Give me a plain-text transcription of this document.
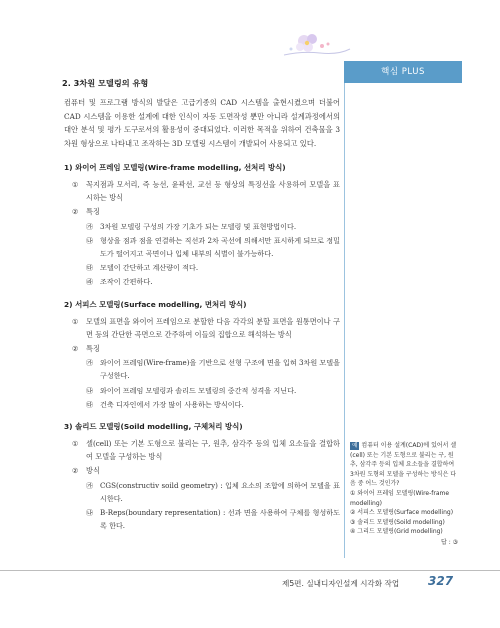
핵심 PLUS
2. 3차원 모델링의 유형
컴퓨터 및 프로그램 방식의 발달은 고급기종의 CAD 시스템을 출현시켰으며 더불어 CAD 시스템을 이용한 설계에 대한 인식이 자동 도면작성 뿐만 아니라 설계과정에서의 대안 분석 및 평가 도구로서의 활용성이 중대되었다. 이러한 목적을 위하여 건축물을 3차원 형상으로 나타내고 조작하는 3D 모델링 시스템이 개발되어 사용되고 있다.
1) 와이어 프레임 모델링(Wire-frame modelling, 선처리 방식)
①	꼭지점과 모서리, 즉 능선, 윤곽선, 교선 등 형상의 특징선을 사용하여 모델을 표시하는 방식
②	특징
㉮ 3차원 모델링 구성의 가장 기초가 되는 모델링 및 표현방법이다.
㉯ 형상을 점과 점을 연결하는 직선과 2차 곡선에 의해서만 표시하게 되므로 정밀도가 떨어지고 곡면이나 입체 내부의 식별이 불가능하다.
㉰ 모델이 간단하고 계산량이 적다.
㉱ 조작이 간편하다.
2) 서피스 모델링(Surface modelling, 면처리 방식)
①	모델의 표면을 와이어 프레임으로 분할한 다음 각각의 분할 표면을 원통면이나 구면 등의 간단한 곡면으로 간주하여 이들의 집합으로 해석하는 방식
②	특징
㉮ 와이어 프레임(Wire-frame)을 기반으로 선형 구조에 면을 입혀 3차원 모델을 구성한다.
㉯ 와이어 프레임 모델링과 솔리드 모델링의 중간적 성격을 지닌다.
㉰ 건축 디자인에서 가장 많이 사용하는 방식이다.
3) 솔리드 모델링(Soild modelling, 구체처리 방식)
①	셀(cell) 또는 기본 도형으로 불리는 구, 원추, 삼각주 등의 입체 요소들을 결합하여 모델을 구성하는 방식
②	방식
㉮ CGS(constructiv soild geometry) : 입체 요소의 조합에 의하여 모델을 표시한다.
㉯ B-Reps(boundary representation) : 선과 면을 사용하여 구체를 형성하도록 한다.
예 컴퓨터 이용 설계(CAD)에 있어서 셀(cell) 또는 기본 도형으로 불리는 구, 원추, 삼각주 등의 입체 요소들을 결합하여 3차원 도형의 모델을 구성하는 방식은 다음 중 어느 것인가?
① 와이어 프레임 모델링(Wire-frame modelling)
② 서피스 모델링(Surface modelling)
③ 솔리드 모델링(Soild modelling)
④ 그리드 모델링(Grid modelling)
답 : ③
제5편. 실내디자인설계 시각화 작업 327
